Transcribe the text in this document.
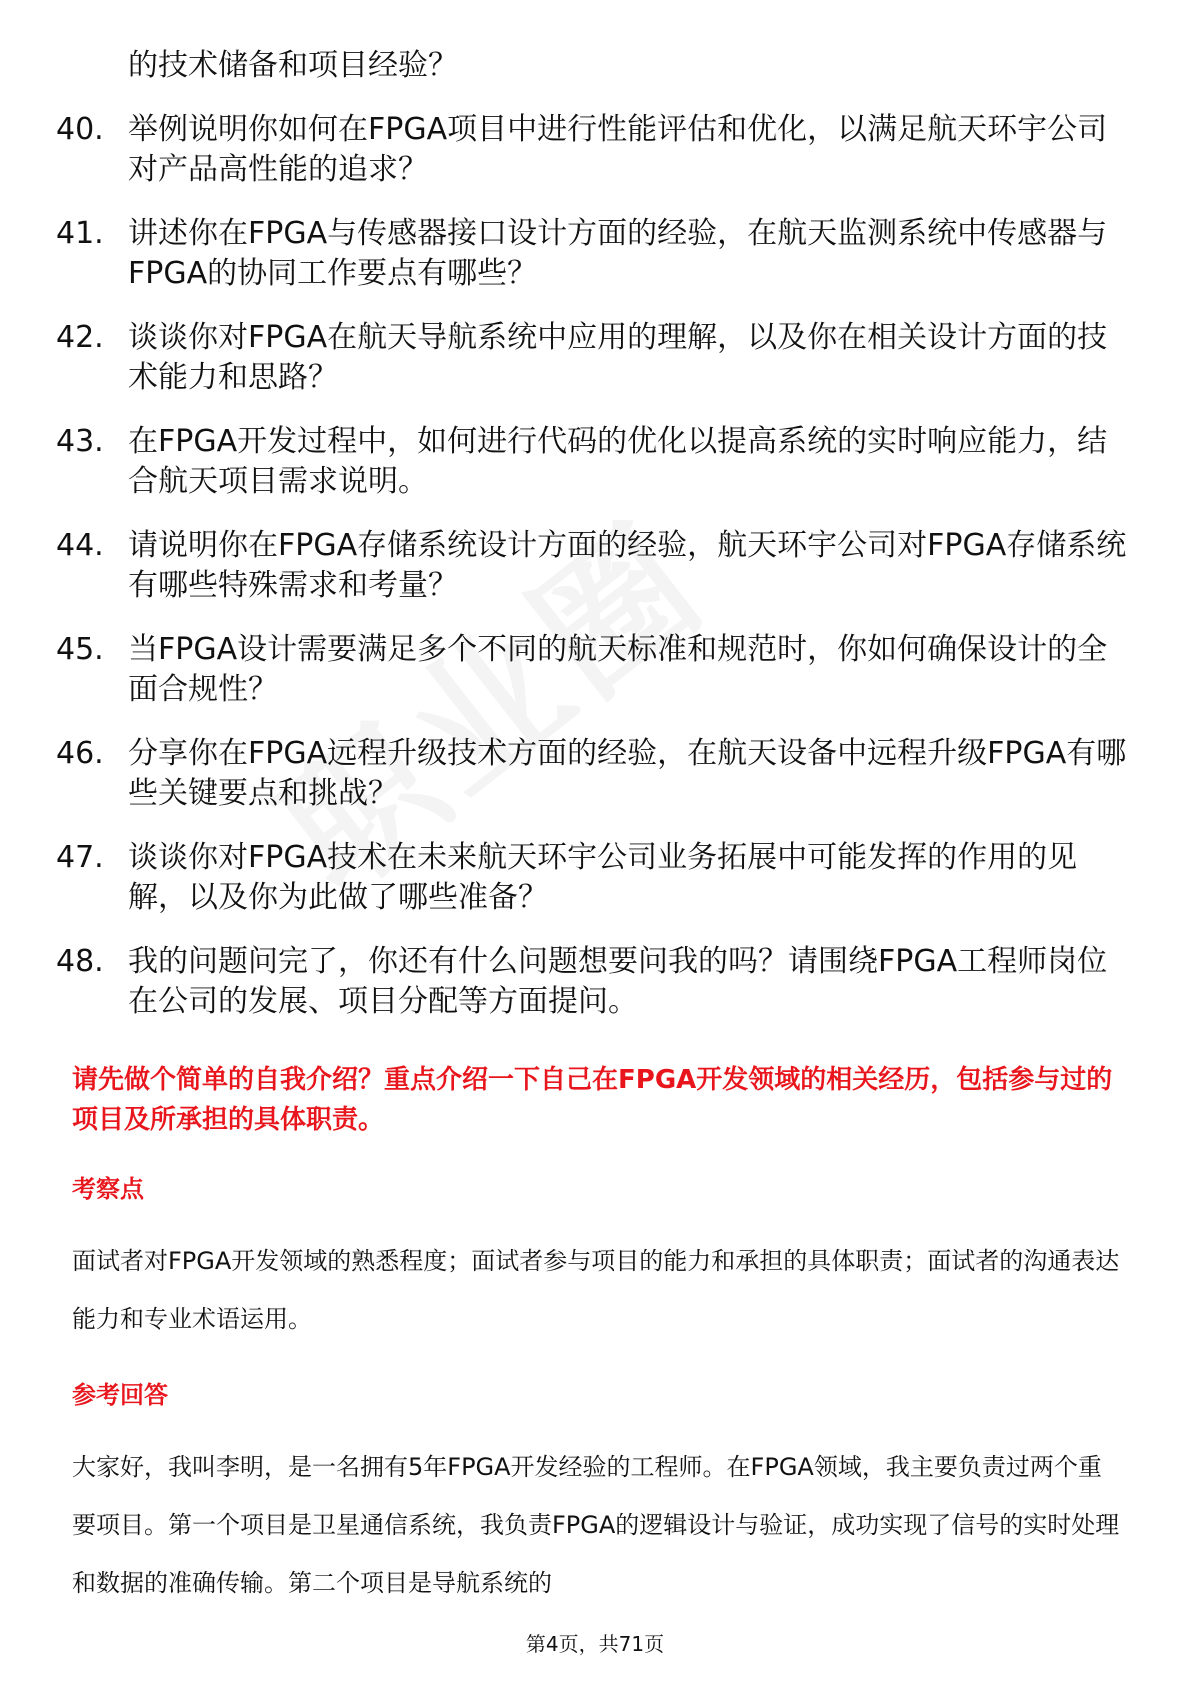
的技术储备和项目经验？
40. 举例说明你如何在FPGA项目中进行性能评估和优化，以满足航天环宇公司对产品高性能的追求？
41. 讲述你在FPGA与传感器接口设计方面的经验，在航天监测系统中传感器与FPGA的协同工作要点有哪些？
42. 谈谈你对FPGA在航天导航系统中应用的理解，以及你在相关设计方面的技术能力和思路？
43. 在FPGA开发过程中，如何进行代码的优化以提高系统的实时响应能力，结合航天项目需求说明。
44. 请说明你在FPGA存储系统设计方面的经验，航天环宇公司对FPGA存储系统有哪些特殊需求和考量？
45. 当FPGA设计需要满足多个不同的航天标准和规范时，你如何确保设计的全面合规性？
46. 分享你在FPGA远程升级技术方面的经验，在航天设备中远程升级FPGA有哪些关键要点和挑战？
47. 谈谈你对FPGA技术在未来航天环宇公司业务拓展中可能发挥的作用的见解，以及你为此做了哪些准备？
48. 我的问题问完了，你还有什么问题想要问我的吗？请围绕FPGA工程师岗位在公司的发展、项目分配等方面提问。
请先做个简单的自我介绍？重点介绍一下自己在FPGA开发领域的相关经历，包括参与过的项目及所承担的具体职责。
考察点
面试者对FPGA开发领域的熟悉程度；面试者参与项目的能力和承担的具体职责；面试者的沟通表达能力和专业术语运用。
参考回答
大家好，我叫李明，是一名拥有5年FPGA开发经验的工程师。在FPGA领域，我主要负责过两个重要项目。第一个项目是卫星通信系统，我负责FPGA的逻辑设计与验证，成功实现了信号的实时处理和数据的准确传输。第二个项目是导航系统的
第4页，共71页
